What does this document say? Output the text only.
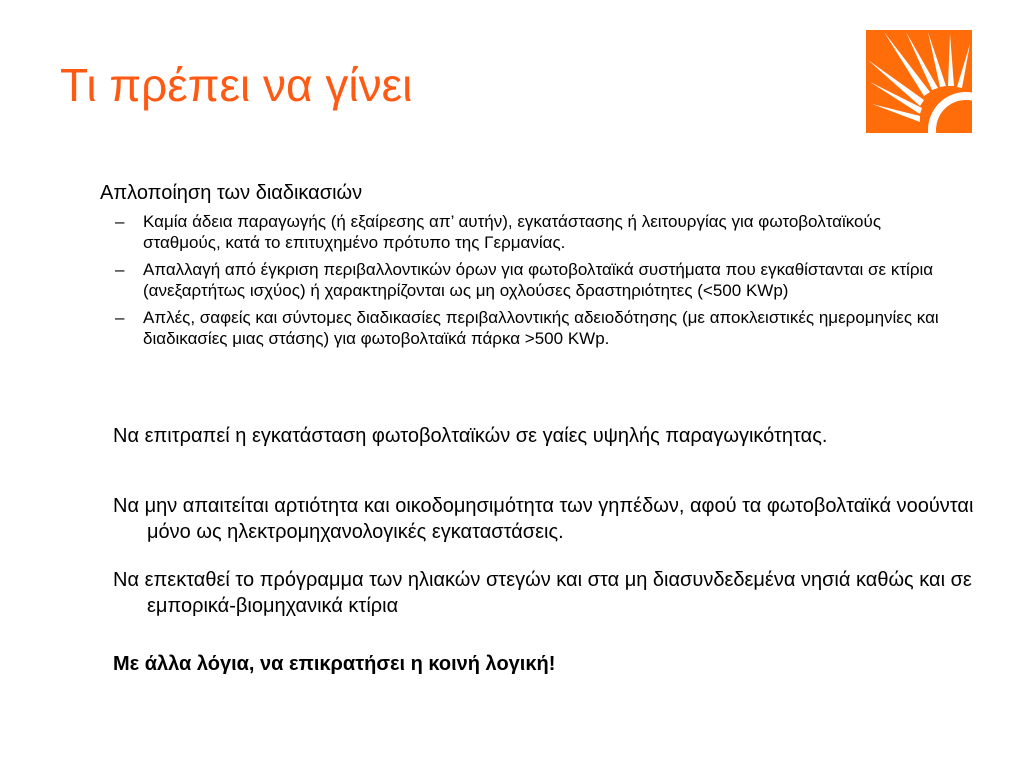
Τι πρέπει να γίνει
Απλοποίηση των διαδικασιών
– Καμία άδεια παραγωγής (ή εξαίρεσης απ’ αυτήν), εγκατάστασης ή λειτουργίας για φωτοβολταϊκούς σταθμούς, κατά το επιτυχημένο πρότυπο της Γερμανίας.
– Απαλλαγή από έγκριση περιβαλλοντικών όρων για φωτοβολταϊκά συστήματα που εγκαθίστανται σε κτίρια (ανεξαρτήτως ισχύος) ή χαρακτηρίζονται ως μη οχλούσες δραστηριότητες (<500 KWp)
– Απλές, σαφείς και σύντομες διαδικασίες περιβαλλοντικής αδειοδότησης (με αποκλειστικές ημερομηνίες και διαδικασίες μιας στάσης) για φωτοβολταϊκά πάρκα >500 KWp.
Να επιτραπεί η εγκατάσταση φωτοβολταϊκών σε γαίες υψηλής παραγωγικότητας.
Να μην απαιτείται αρτιότητα και οικοδομησιμότητα των γηπέδων, αφού τα φωτοβολταϊκά νοούνται μόνο ως ηλεκτρομηχανολογικές εγκαταστάσεις.
Να επεκταθεί το πρόγραμμα των ηλιακών στεγών και στα μη διασυνδεδεμένα νησιά καθώς και σε εμπορικά-βιομηχανικά κτίρια
Με άλλα λόγια, να επικρατήσει η κοινή λογική!
